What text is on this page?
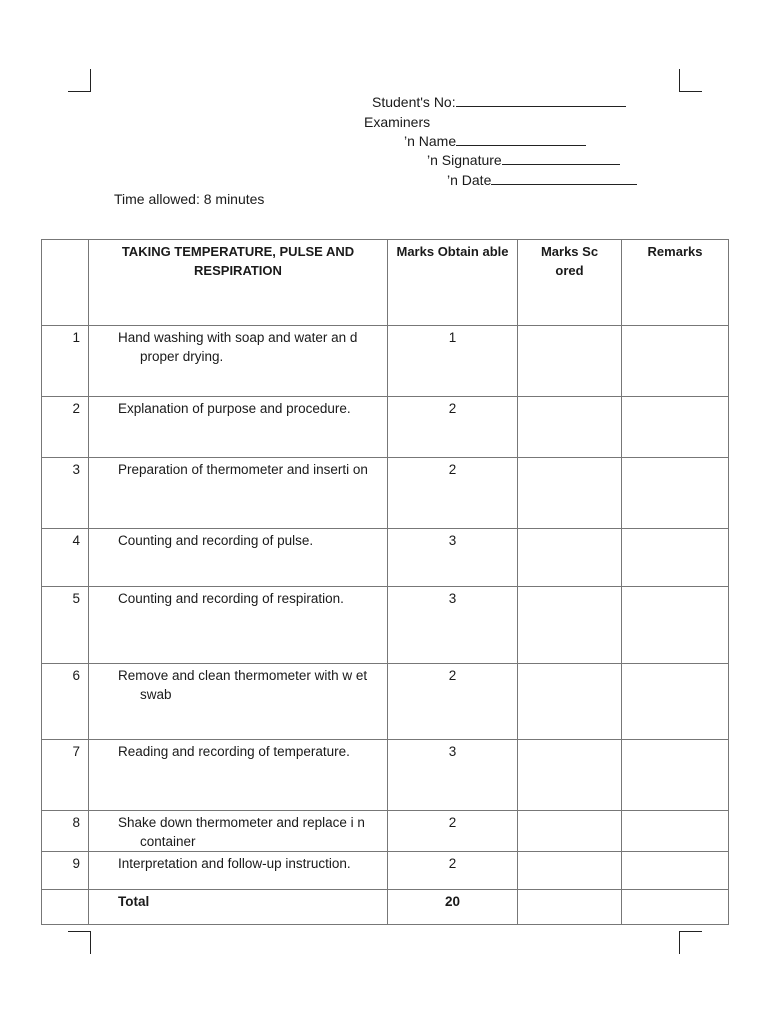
Student's No:
Examiners
’n Name
’n Signature
’n Date
Time allowed: 8 minutes
	TAKING TEMPERATURE, PULSE AND RESPIRATION	Marks Obtain able	Marks Sc ored	Remarks
1	Hand washing with soap and water an d proper drying.	1		
2	Explanation of purpose and procedure.	2		
3	Preparation of thermometer and inserti on	2		
4	Counting and recording of pulse.	3		
5	Counting and recording of respiration.	3		
6	Remove and clean thermometer with w et swab	2		
7	Reading and recording of temperature.	3		
8	Shake down thermometer and replace i n container	2		
9	Interpretation and follow-up instruction.	2		
	Total	20		
